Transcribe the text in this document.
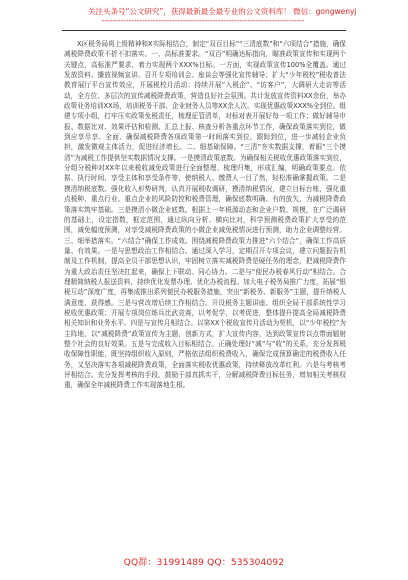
关注头条号“公文研究”，获得最新最全最专业的公文资料库！ 微信：gongwenyj
---------------------------------------------------------------------------

X区税务局将上级精神和X实际相结合，制定“双百目标”“三清底数”和“六项结合”措施，确保减税降费政策不折不扣落实。一、高标准要求。“双百”明确达标指向，瞄准政策宣传和实现两个关键点，高标准严要求，着力实现两个XXX%目标。一方面，实现政策宣传100%全覆盖。通过发放资料、播放视频宣讲、召开专项培训会、座谈会等强化宣传辅导；扩大“少年税校”税收普法教育展厅平台宣传效应，开展税校月活动；持续开展“入税企”、“访客户”，大调研大走访等活动，全方位、多层次的宣传减税降费政策，营造良好社会氛围。共计发放宣传资料XX余份，举办政策业务培训XX场，培训税务干部、企业财务人员等XX余人次。实现优惠政策XXX%全到位。组建专项小组，打牢压实政策免税责任，梳理征管清单，对标对表开展好每一项工作；做好辅导申报、数据比对、效果评估和检测、汇总上报、核查分析各重点环节工作，确保政策落实到位，做到应享尽享、全面、确保减税降费各项政策第一时间落实到位，跟踪到位，进一步减轻企业负担，激发微观主体活力，促进经济增长。二、细基础保障。“三清”夯实数据支撑，着眼“三个摸清”为减税工作提供坚实数据情况支撑。一是摸清政策底数。为确保相关税收优惠政策落实到位，分组分税种对XX年以来税收减免政策进行全面整理、梳理归集，形成汇编，明确政策要点、依据、执行时间、享受主体和享受条件等，使纳税人、缴费人一目了然，轻松准确掌握政策。二是摸清纳税底数。强化收入形势研判，认真开展税收调研，摸清纳税情况，建立目标台账，强化重点税种、重点行业、重点企业的风险防控和税费管理，确保底数明确、有的放矢，为减税降费政策落实筑牢基础。三是摸清小微企业底数。根据上一年税源动态和企业户数、规模，在广泛调研的基础上，设定指数，框定范围，通过纵向分析、横向比对，科学预测税费政策扩大享受的范围，减免幅度预测，对享受减税降费政策的小微企业减免税情况进行预测，助力企业调整经营。三、细举措落实。“六结合”确保工作成效。围绕减税降费政策力推进“六个结合”，确保工作高质量、有效果。一是与思想政治工作相结合。通过深入学习，定期召开专项会议，建立问题报告机制及工作机制，提高全员干部思想认识，牢固树立落实减税降费是硬任务的理念，把减税降费作为重大政治责任坚决扛起来，确保上下联动、同心协力。二是与“便民办税春风行动”相结合。合理精简纳税人报送资料，持续优化发票办理、优化办税流程。加大电子税务局推广力度，拓展“银税互动”深度广度，再集成推出系列便民办税服务措施，突出“新税务、新服务”主题，提升纳税人满意度、获得感。三是与营改增后续工作相结合。开设税务主题讲座、组织全局干部系统性学习税收优惠政策；开展专项岗位练兵比武竞赛，以考促学，以考促进，整体提升提高全局减税降费相关知识和业务水平。四是与宣传月相结合。以第XX个税收宣传月活动为契机，以“少年税校”为主阵地，以“减税降费”政策宣传为主题，创新方式，扩大宣传内容，达到政策宣传以点带面辐射整个社会的良好效果。五是与完成收入目标相结合。正确处理好“减”与“收”的关系，充分发挥税收保障性职能，既坚持组织收入原则，严格依法组织税费收入，确保完成预算确定的税费收入任务，又坚决落实各项减税降费政策，全面落实税收优惠政策，持续释放改革红利。六是与考核考评相结合。充分发挥考核的手段，鼓励干部真抓实干，分解减税降费目标任务，增加相关考核权重，确保全年减税降费工作实现落地生根。

QQ群：31991489 QQ：535304092
